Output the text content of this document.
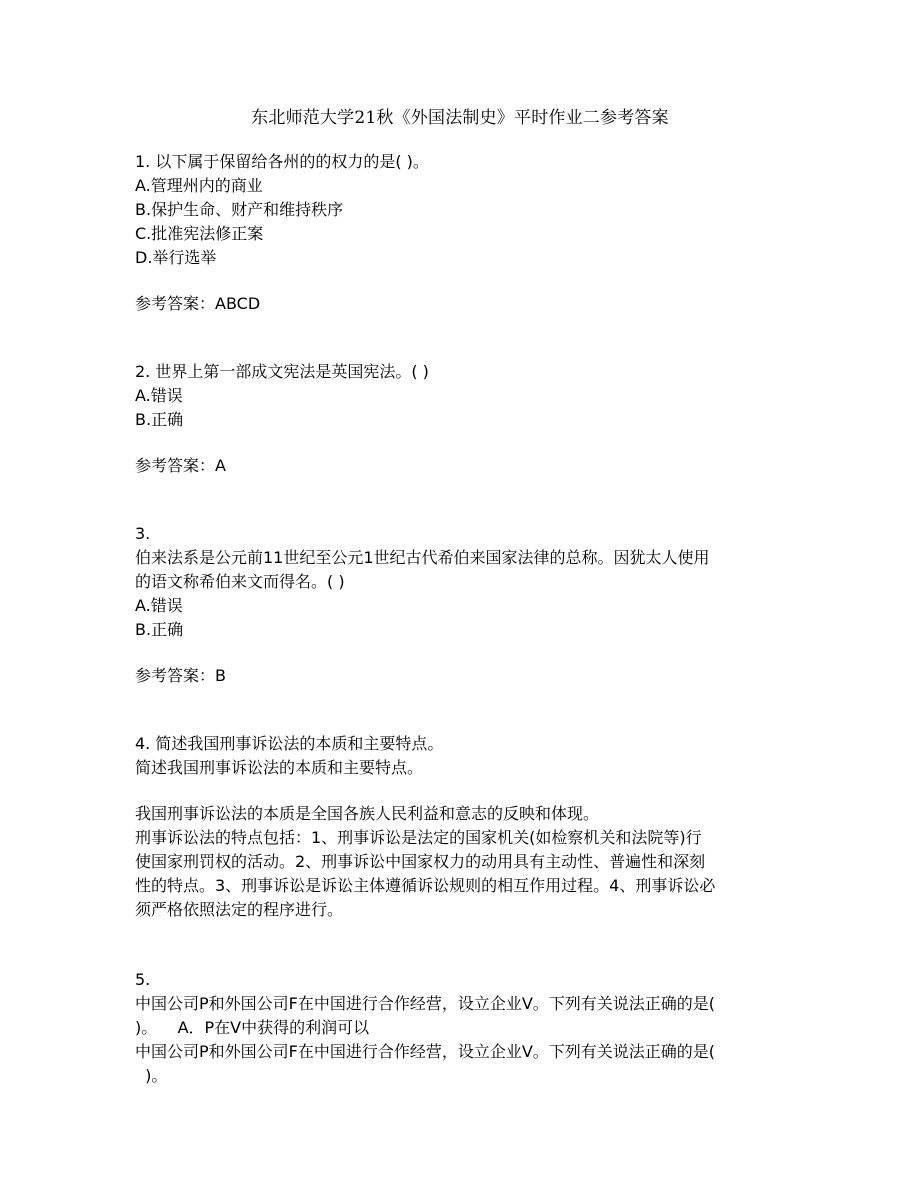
东北师范大学21秋《外国法制史》平时作业二参考答案
1. 以下属于保留给各州的的权力的是( )。
A.管理州内的商业
B.保护生命、财产和维持秩序
C.批准宪法修正案
D.举行选举
参考答案：ABCD
2. 世界上第一部成文宪法是英国宪法。( )
A.错误
B.正确
参考答案：A
3.
伯来法系是公元前11世纪至公元1世纪古代希伯来国家法律的总称。因犹太人使用
的语文称希伯来文而得名。( )
A.错误
B.正确
参考答案：B
4. 简述我国刑事诉讼法的本质和主要特点。
简述我国刑事诉讼法的本质和主要特点。
我国刑事诉讼法的本质是全国各族人民利益和意志的反映和体现。
刑事诉讼法的特点包括：1、刑事诉讼是法定的国家机关(如检察机关和法院等)行
使国家刑罚权的活动。2、刑事诉讼中国家权力的动用具有主动性、普遍性和深刻
性的特点。3、刑事诉讼是诉讼主体遵循诉讼规则的相互作用过程。4、刑事诉讼必
须严格依照法定的程序进行。
5.
中国公司P和外国公司F在中国进行合作经营，设立企业V。下列有关说法正确的是(
)。    A．P在V中获得的利润可以
中国公司P和外国公司F在中国进行合作经营，设立企业V。下列有关说法正确的是(
)。
